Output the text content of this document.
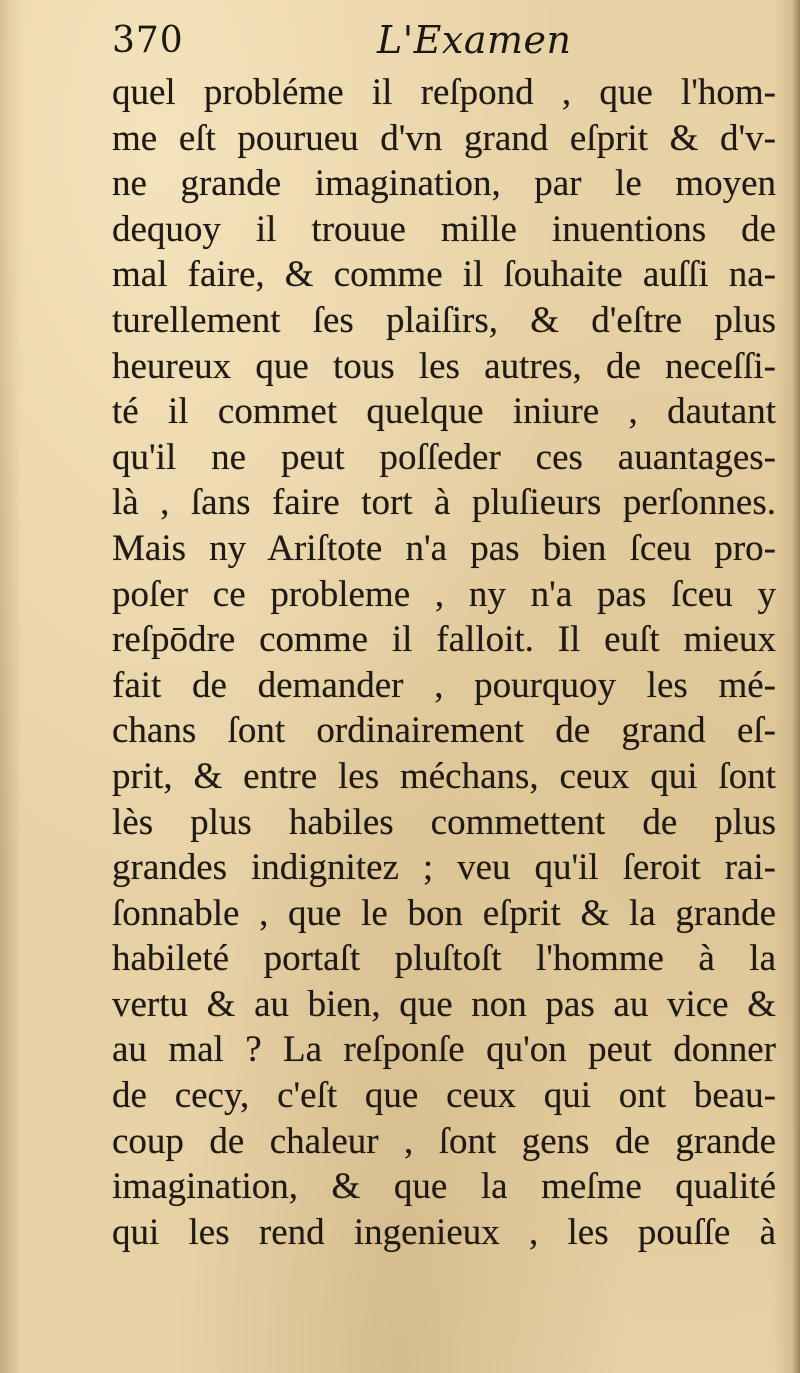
370	L'Examen
quel probléme il reſpond , que l'hom-
me eſt pourueu d'vn grand eſprit & d'v-
ne grande imagination, par le moyen
dequoy il trouue mille inuentions de
mal faire, & comme il ſouhaite auſſi na-
turellement ſes plaiſirs, & d'eſtre plus
heureux que tous les autres, de neceſſi-
té il commet quelque iniure , dautant
qu'il ne peut poſſeder ces auantages-
là , ſans faire tort à pluſieurs perſonnes.
Mais ny Ariſtote n'a pas bien ſceu pro-
poſer ce probleme , ny n'a pas ſceu y
reſpōdre comme il falloit. Il euſt mieux
fait de demander , pourquoy les mé-
chans ſont ordinairement de grand eſ-
prit, & entre les méchans, ceux qui ſont
lès plus habiles commettent de plus
grandes indignitez ; veu qu'il ſeroit rai-
ſonnable , que le bon eſprit & la grande
habileté portaſt pluſtoſt l'homme à la
vertu & au bien, que non pas au vice &
au mal ? La reſponſe qu'on peut donner
de cecy, c'eſt que ceux qui ont beau-
coup de chaleur , ſont gens de grande
imagination, & que la meſme qualité
qui les rend ingenieux , les pouſſe à
